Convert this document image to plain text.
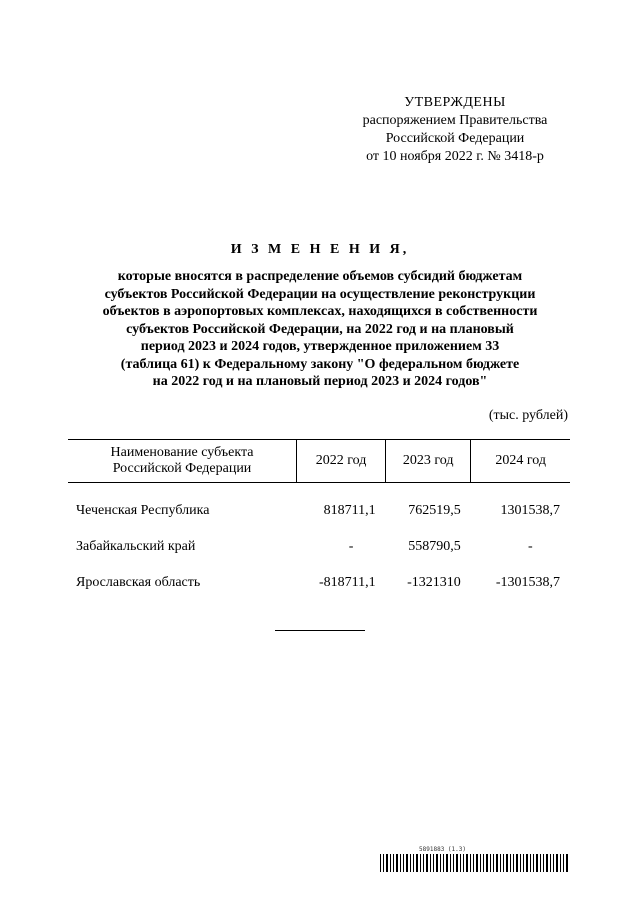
УТВЕРЖДЕНЫ
распоряжением Правительства
Российской Федерации
от 10 ноября 2022 г. № 3418-р
И З М Е Н Е Н И Я,
которые вносятся в распределение объемов субсидий бюджетам
субъектов Российской Федерации на осуществление реконструкции
объектов в аэропортовых комплексах, находящихся в собственности
субъектов Российской Федерации, на 2022 год и на плановый
период 2023 и 2024 годов, утвержденное приложением 33
(таблица 61) к Федеральному закону "О федеральном бюджете
на 2022 год и на плановый период 2023 и 2024 годов"
(тыс. рублей)
Наименование субъекта
Российской Федерации	2022 год	2023 год	2024 год
Чеченская Республика	818711,1	762519,5	1301538,7
Забайкальский край	-	558790,5	-
Ярославская область	-818711,1	-1321310	-1301538,7
5891883 (1.3)
